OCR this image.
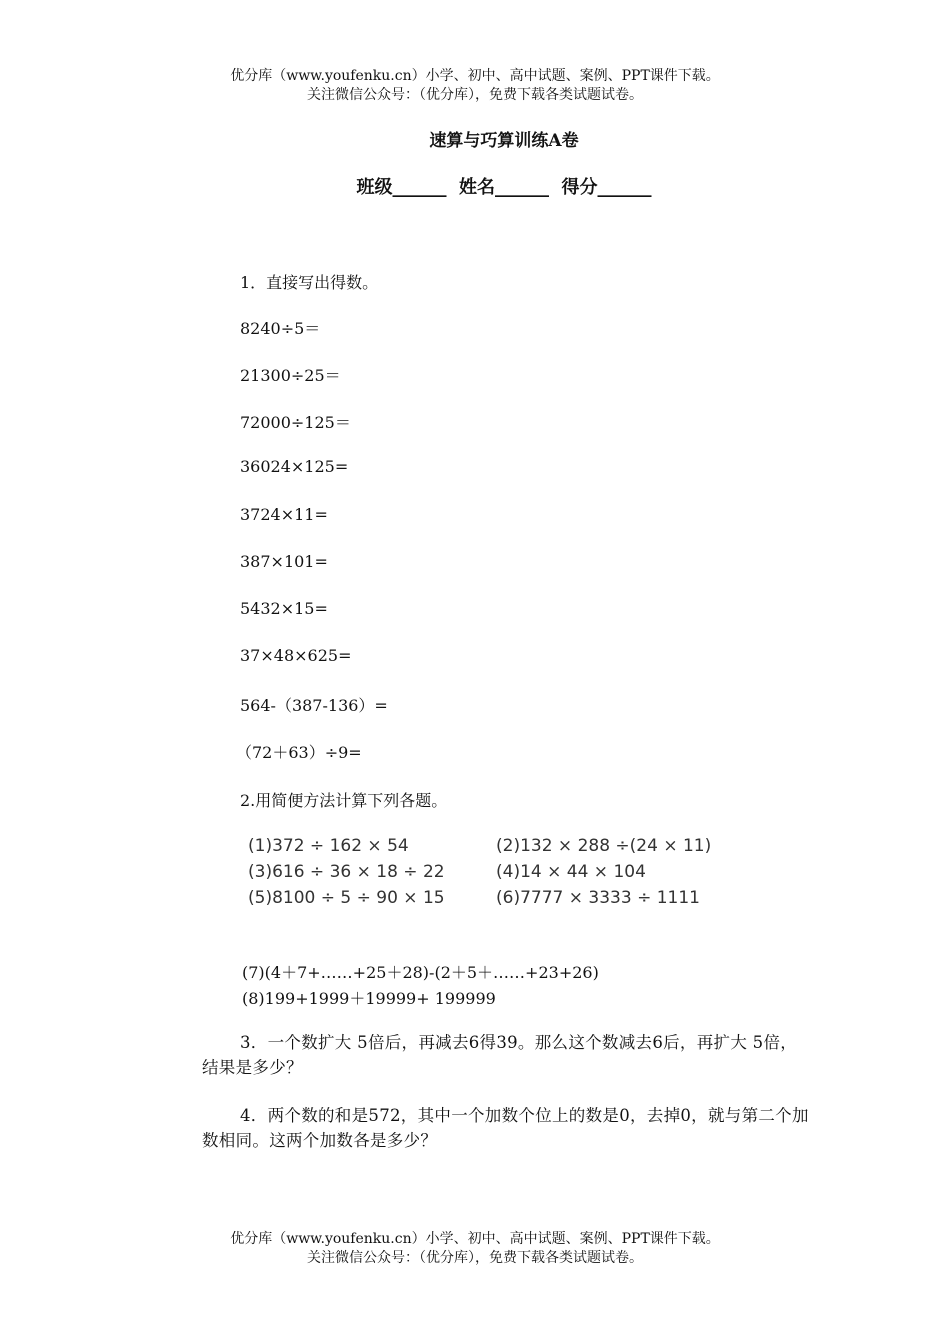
优分库（www.youfenku.cn）小学、初中、高中试题、案例、PPT课件下载。
关注微信公众号：（优分库），免费下载各类试题试卷。
速算与巧算训练A卷
班级______  姓名______  得分______
1．直接写出得数。
8240÷5＝
21300÷25＝
72000÷125＝
36024×125=
3724×11=
387×101=
5432×15=
37×48×625=
564-（387-136）=
（72＋63）÷9=
2.用简便方法计算下列各题。
(1)372 ÷ 162 × 54	(2)132 × 288 ÷(24 × 11)
(3)616 ÷ 36 × 18 ÷ 22	(4)14 × 44 × 104
(5)8100 ÷ 5 ÷ 90 × 15	(6)7777 × 3333 ÷ 1111
(7)(4＋7+……+25＋28)-(2＋5＋……+23+26)
(8)199+1999＋19999+ 199999
3．一个数扩大 5倍后，再减去6得39。那么这个数减去6后，再扩大 5倍，结果是多少？
4．两个数的和是572，其中一个加数个位上的数是0，去掉0，就与第二个加数相同。这两个加数各是多少？
优分库（www.youfenku.cn）小学、初中、高中试题、案例、PPT课件下载。
关注微信公众号：（优分库），免费下载各类试题试卷。
